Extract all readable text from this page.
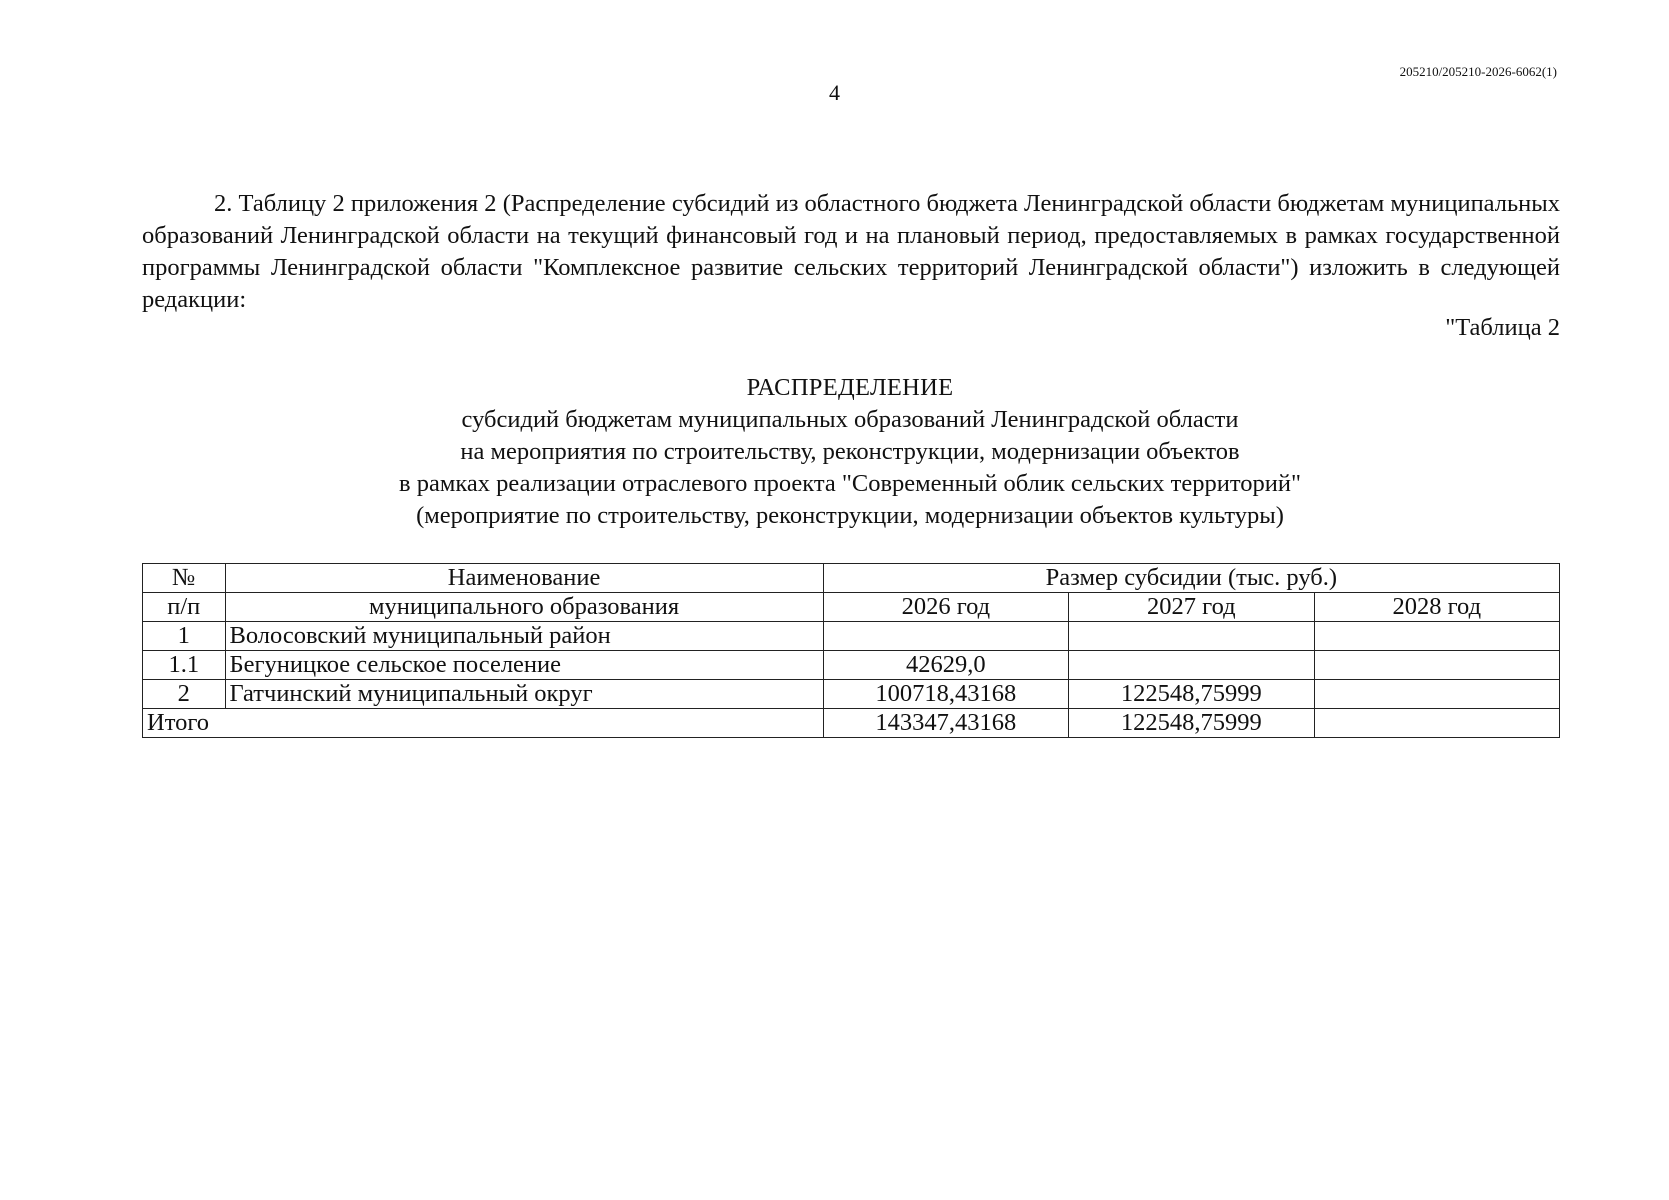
205210/205210-2026-6062(1)
4

2. Таблицу 2 приложения 2 (Распределение субсидий из областного бюджета Ленинградской области бюджетам муниципальных образований Ленинградской области на текущий финансовый год и на плановый период, предоставляемых в рамках государственной программы Ленинградской области "Комплексное развитие сельских территорий Ленинградской области") изложить в следующей редакции:

"Таблица 2
РАСПРЕДЕЛЕНИЕ
субсидий бюджетам муниципальных образований Ленинградской области
на мероприятия по строительству, реконструкции, модернизации объектов
в рамках реализации отраслевого проекта "Современный облик сельских территорий"
(мероприятие по строительству, реконструкции, модернизации объектов культуры)
№	Наименование	Размер субсидии (тыс. руб.)		
п/п	муниципального образования	2026 год	2027 год	2028 год
1	Волосовский муниципальный район			
1.1	Бегуницкое сельское поселение	42629,0		
2	Гатчинский муниципальный округ	100718,43168	122548,75999	
Итого		143347,43168	122548,75999	
